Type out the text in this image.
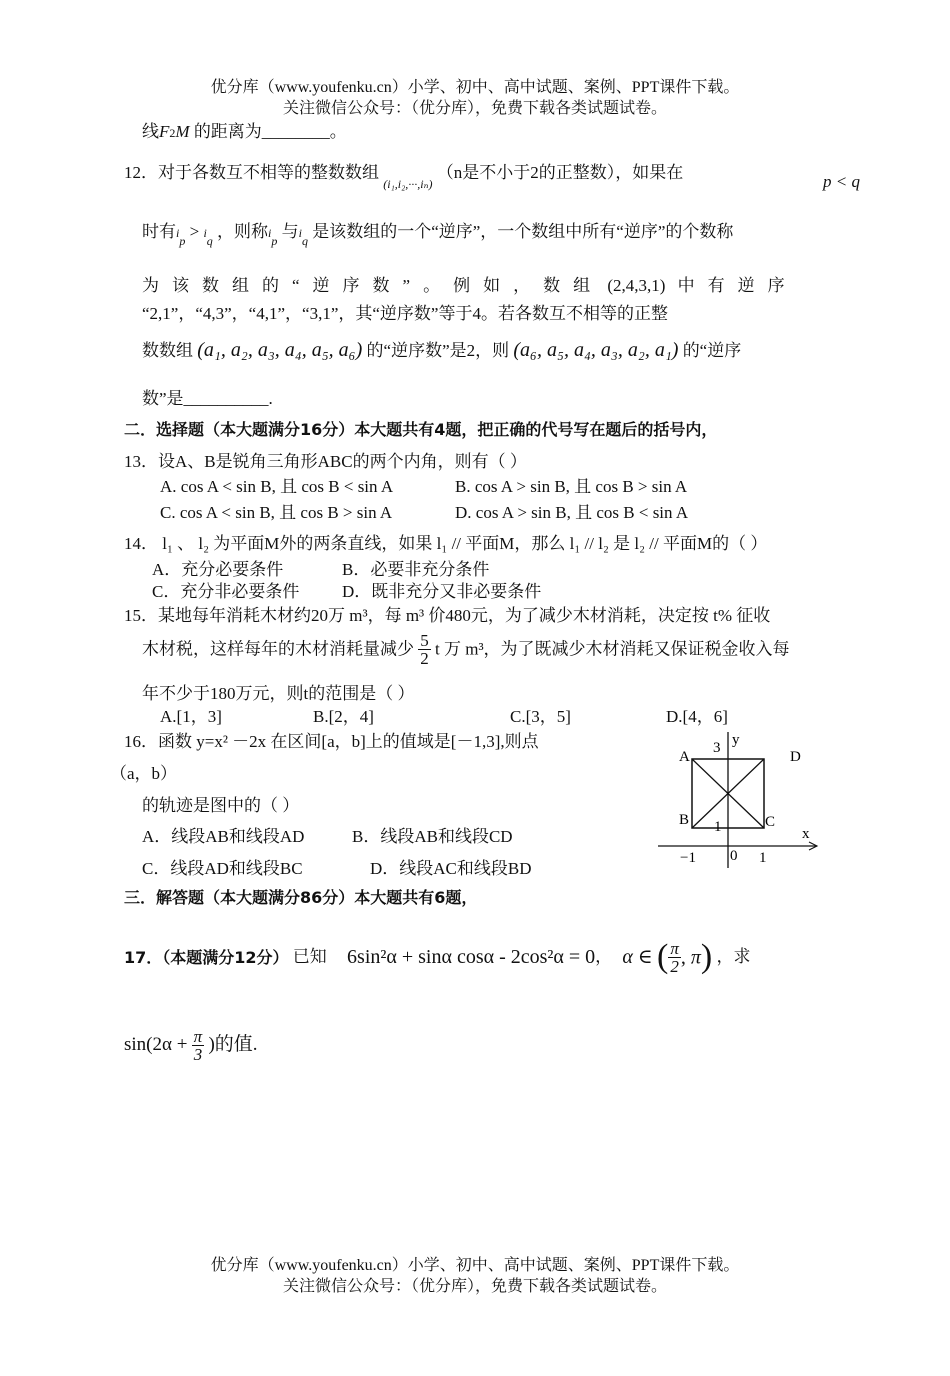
优分库（www.youfenku.cn）小学、初中、高中试题、案例、PPT课件下载。
关注微信公众号：（优分库），免费下载各类试题试卷。
线F2M 的距离为________。
12．对于各数互不相等的整数数组 $_{(i_1,i_2,\cdot\cdot\cdot,i_n)}$ （n是不小于2的正整数），如果在	p < q
时有$i_p > i_q$ ，则称$i_p$ 与$i_q$ 是该数组的一个“逆序”，一个数组中所有“逆序”的个数称
为该数组的“逆序数”。例如，数组 (2,4,3,1) 中有逆序
“2,1”，“4,3”，“4,1”，“3,1”，其“逆序数”等于4。若各数互不相等的正整
数数组 (a₁, a₂, a₃, a₄, a₅, a₆) 的“逆序数”是2，则 (a₆, a₅, a₄, a₃, a₂, a₁) 的“逆序
数”是__________.
二．选择题（本大题满分16分）本大题共有4题，把正确的代号写在题后的括号内，
13．设A、B是锐角三角形ABC的两个内角，则有（ ）
A. cos A < sin B, 且 cos B < sin A	B. cos A > sin B, 且 cos B > sin A
C. cos A < sin B, 且 cos B > sin A	D. cos A > sin B, 且 cos B < sin A
14． l₁ 、 l₂ 为平面M外的两条直线，如果 l₁ // 平面M，那么 l₁ // l₂ 是 l₂ // 平面M的（ ）
A．充分必要条件	B．必要非充分条件
C．充分非必要条件	D．既非充分又非必要条件
15．某地每年消耗木材约20万 m³，每 m³ 价480元，为了减少木材消耗，决定按 t% 征收
木材税，这样每年的木材消耗量减少 $\frac{5}{2}$ t 万 m³，为了既减少木材消耗又保证税金收入每
年不少于180万元，则t的范围是（ ）
A.[1，3]	B.[2，4]	C.[3，5]	D.[4，6]
16．函数 y=x² －2x 在区间[a，b]上的值域是[－1,3],则点
（a，b）
的轨迹是图中的（ ）
A．线段AB和线段AD	B．线段AB和线段CD
C．线段AD和线段BC	D．线段AC和线段BD
A
B	C
D
3 y
1	x
−1 0 1
三．解答题（本大题满分86分）本大题共有6题，
17．（本题满分12分） 已知 6sin²α + sinα cosα - 2cos²α = 0， α ∈ ( $\frac{\pi}{2}$ , π) ，求
$\sin(2\alpha + \frac{\pi}{3}$ )的值.
优分库（www.youfenku.cn）小学、初中、高中试题、案例、PPT课件下载。
关注微信公众号：（优分库），免费下载各类试题试卷。
